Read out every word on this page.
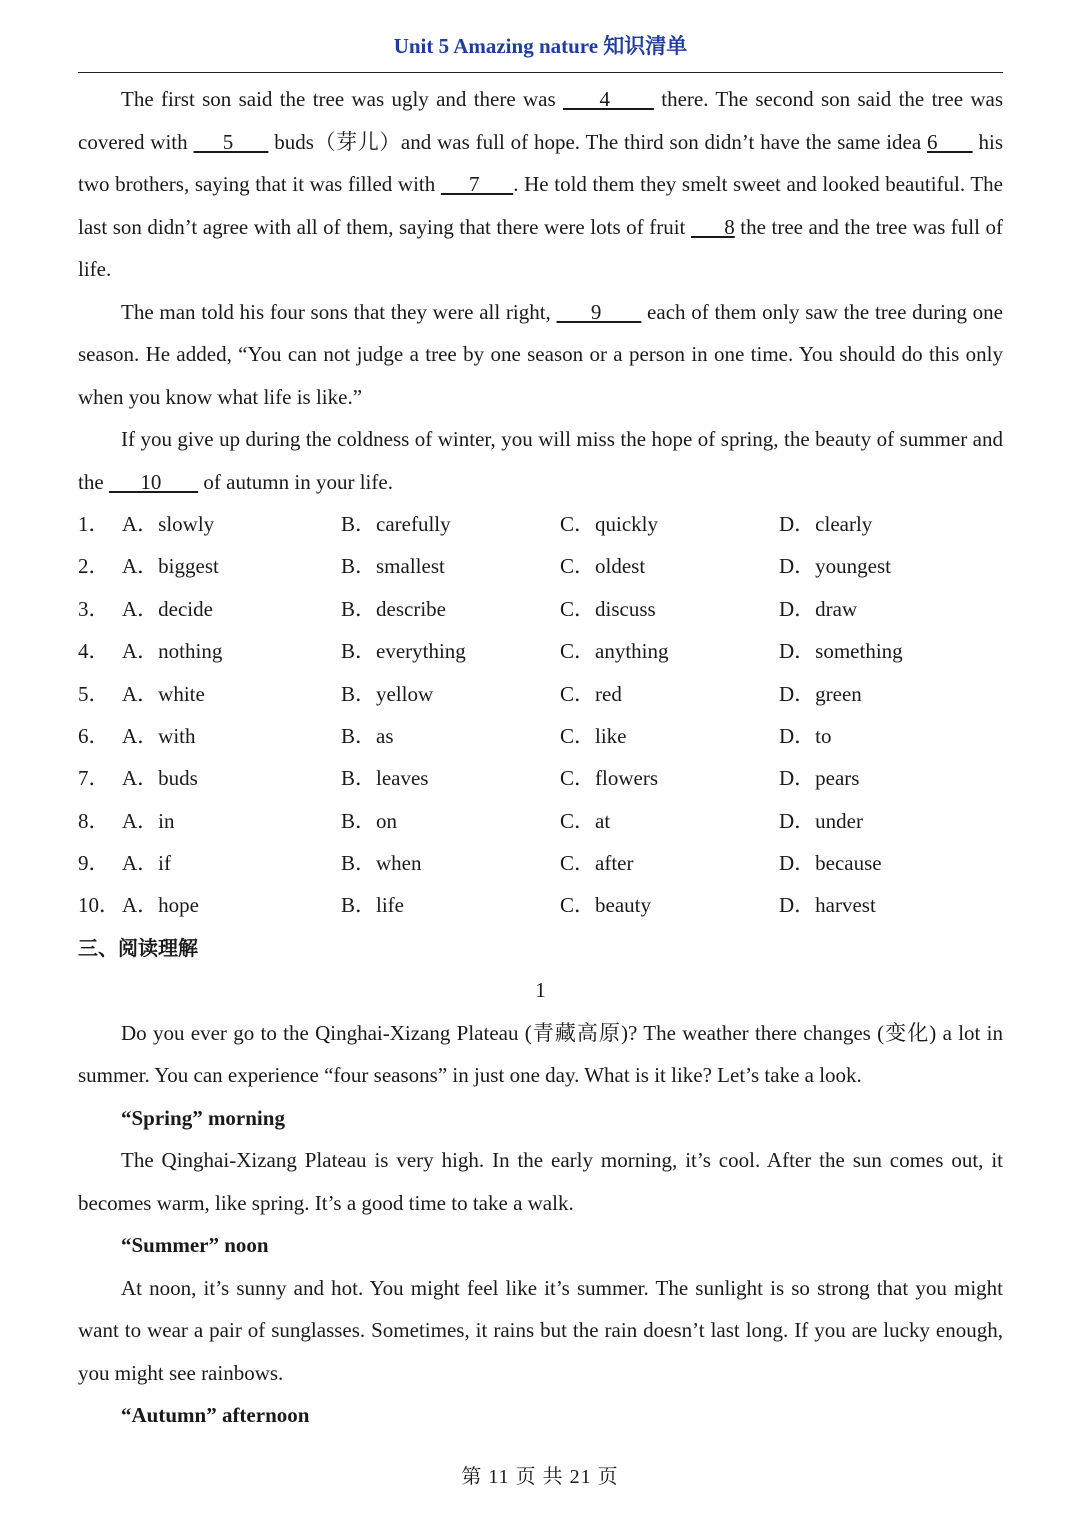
Unit 5 Amazing nature 知识清单

The first son said the tree was ugly and there was      4       there. The second son said the tree was covered with      5       buds（芽儿）and was full of hope. The third son didn’t have the same idea 6       his two brothers, saying that it was filled with      7      . He told them they smelt sweet and looked beautiful. The last son didn’t agree with all of them, saying that there were lots of fruit       8 the tree and the tree was full of life.

The man told his four sons that they were all right,       9        each of them only saw the tree during one season. He added, “You can not judge a tree by one season or a person in one time. You should do this only when you know what life is like.”

If you give up during the coldness of winter, you will miss the hope of spring, the beauty of summer and the       10        of autumn in your life.

1． A．slowly	B．carefully	C．quickly	D．clearly
2． A．biggest	B．smallest	C．oldest	D．youngest
3． A．decide	B．describe	C．discuss	D．draw
4． A．nothing	B．everything	C．anything	D．something
5． A．white	B．yellow	C．red	D．green
6． A．with	B．as	C．like	D．to
7． A．buds	B．leaves	C．flowers	D．pears
8． A．in	B．on	C．at	D．under
9． A．if	B．when	C．after	D．because
10． A．hope	B．life	C．beauty	D．harvest

三、阅读理解

1

Do you ever go to the Qinghai-Xizang Plateau (青藏高原)? The weather there changes (变化) a lot in summer. You can experience “four seasons” in just one day. What is it like? Let’s take a look.

“Spring” morning

The Qinghai-Xizang Plateau is very high. In the early morning, it’s cool. After the sun comes out, it becomes warm, like spring. It’s a good time to take a walk.

“Summer” noon

At noon, it’s sunny and hot. You might feel like it’s summer. The sunlight is so strong that you might want to wear a pair of sunglasses. Sometimes, it rains but the rain doesn’t last long. If you are lucky enough, you might see rainbows.

“Autumn” afternoon

第 11 页 共 21 页
